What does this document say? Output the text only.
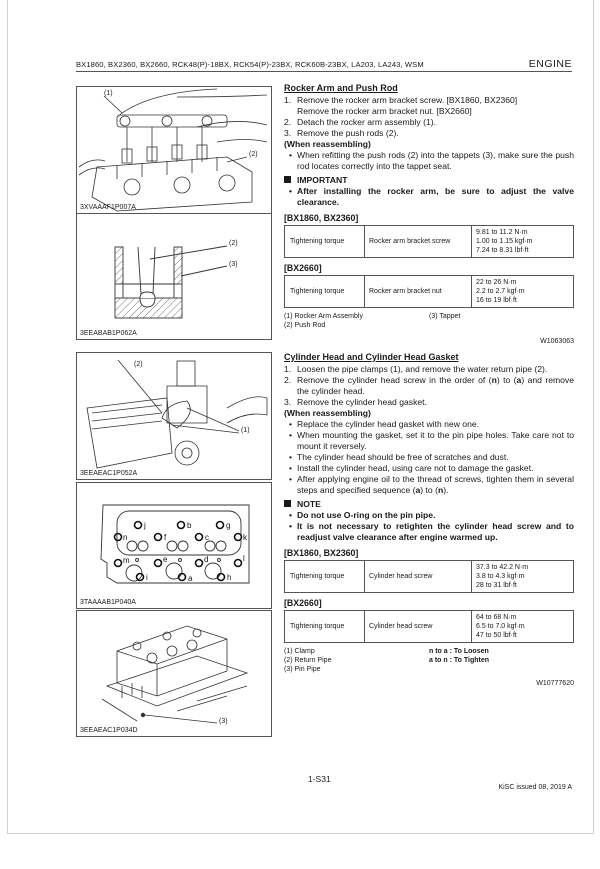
BX1860, BX2360, BX2660, RCK48(P)-18BX, RCK54(P)-23BX, RCK60B-23BX, LA203, LA243, WSM	ENGINE
(1)
(2)
3XVAAAF1P007A
(2)
(3)
3EEABAB1P062A
(2)
(1)
3EEAEAC1P052A
j	b	g
n	f	c	k
m	e	d	l
i	a	h
3TAAAAB1P040A
(3)
3EEAEAC1P034D
Rocker Arm and Push Rod
1. Remove the rocker arm bracket screw. [BX1860, BX2360]
Remove the rocker arm bracket nut. [BX2660]
2. Detach the rocker arm assembly (1).
3. Remove the push rods (2).
(When reassembling)
• When refitting the push rods (2) into the tappets (3), make sure the push rod locates correctly into the tappet seat.
IMPORTANT
• After installing the rocker arm, be sure to adjust the valve clearance.
[BX1860, BX2360]
Tightening torque	Rocker arm bracket screw	
9.81 to 11.2 N·m
1.00 to 1.15 kgf·m
7.24 to 8.31 lbf·ft
[BX2660]
Tightening torque	Rocker arm bracket nut	
22 to 26 N·m
2.2 to 2.7 kgf·m
16 to 19 lbf·ft
(1) Rocker Arm Assembly
(2) Push Rod
(3) Tappet
W1063063
Cylinder Head and Cylinder Head Gasket
1. Loosen the pipe clamps (1), and remove the water return pipe (2).
2. Remove the cylinder head screw in the order of (n) to (a) and remove the cylinder head.
3. Remove the cylinder head gasket.
(When reassembling)
• Replace the cylinder head gasket with new one.
• When mounting the gasket, set it to the pin pipe holes. Take care not to mount it reversely.
• The cylinder head should be free of scratches and dust.
• Install the cylinder head, using care not to damage the gasket.
• After applying engine oil to the thread of screws, tighten them in several steps and specified sequence (a) to (n).
NOTE
• Do not use O-ring on the pin pipe.
• It is not necessary to retighten the cylinder head screw and to readjust valve clearance after engine warmed up.
[BX1860, BX2360]
Tightening torque	Cylinder head screw	
37.3 to 42.2 N·m
3.8 to 4.3 kgf·m
28 to 31 lbf·ft
[BX2660]
Tightening torque	Cylinder head screw	
64 to 68 N·m
6.5 to 7.0 kgf·m
47 to 50 lbf·ft
(1) Clamp
(2) Return Pipe
(3) Pin Pipe
n to a : To Loosen
a to n : To Tighten
W10777620
1-S31
KiSC issued 08, 2019 A
